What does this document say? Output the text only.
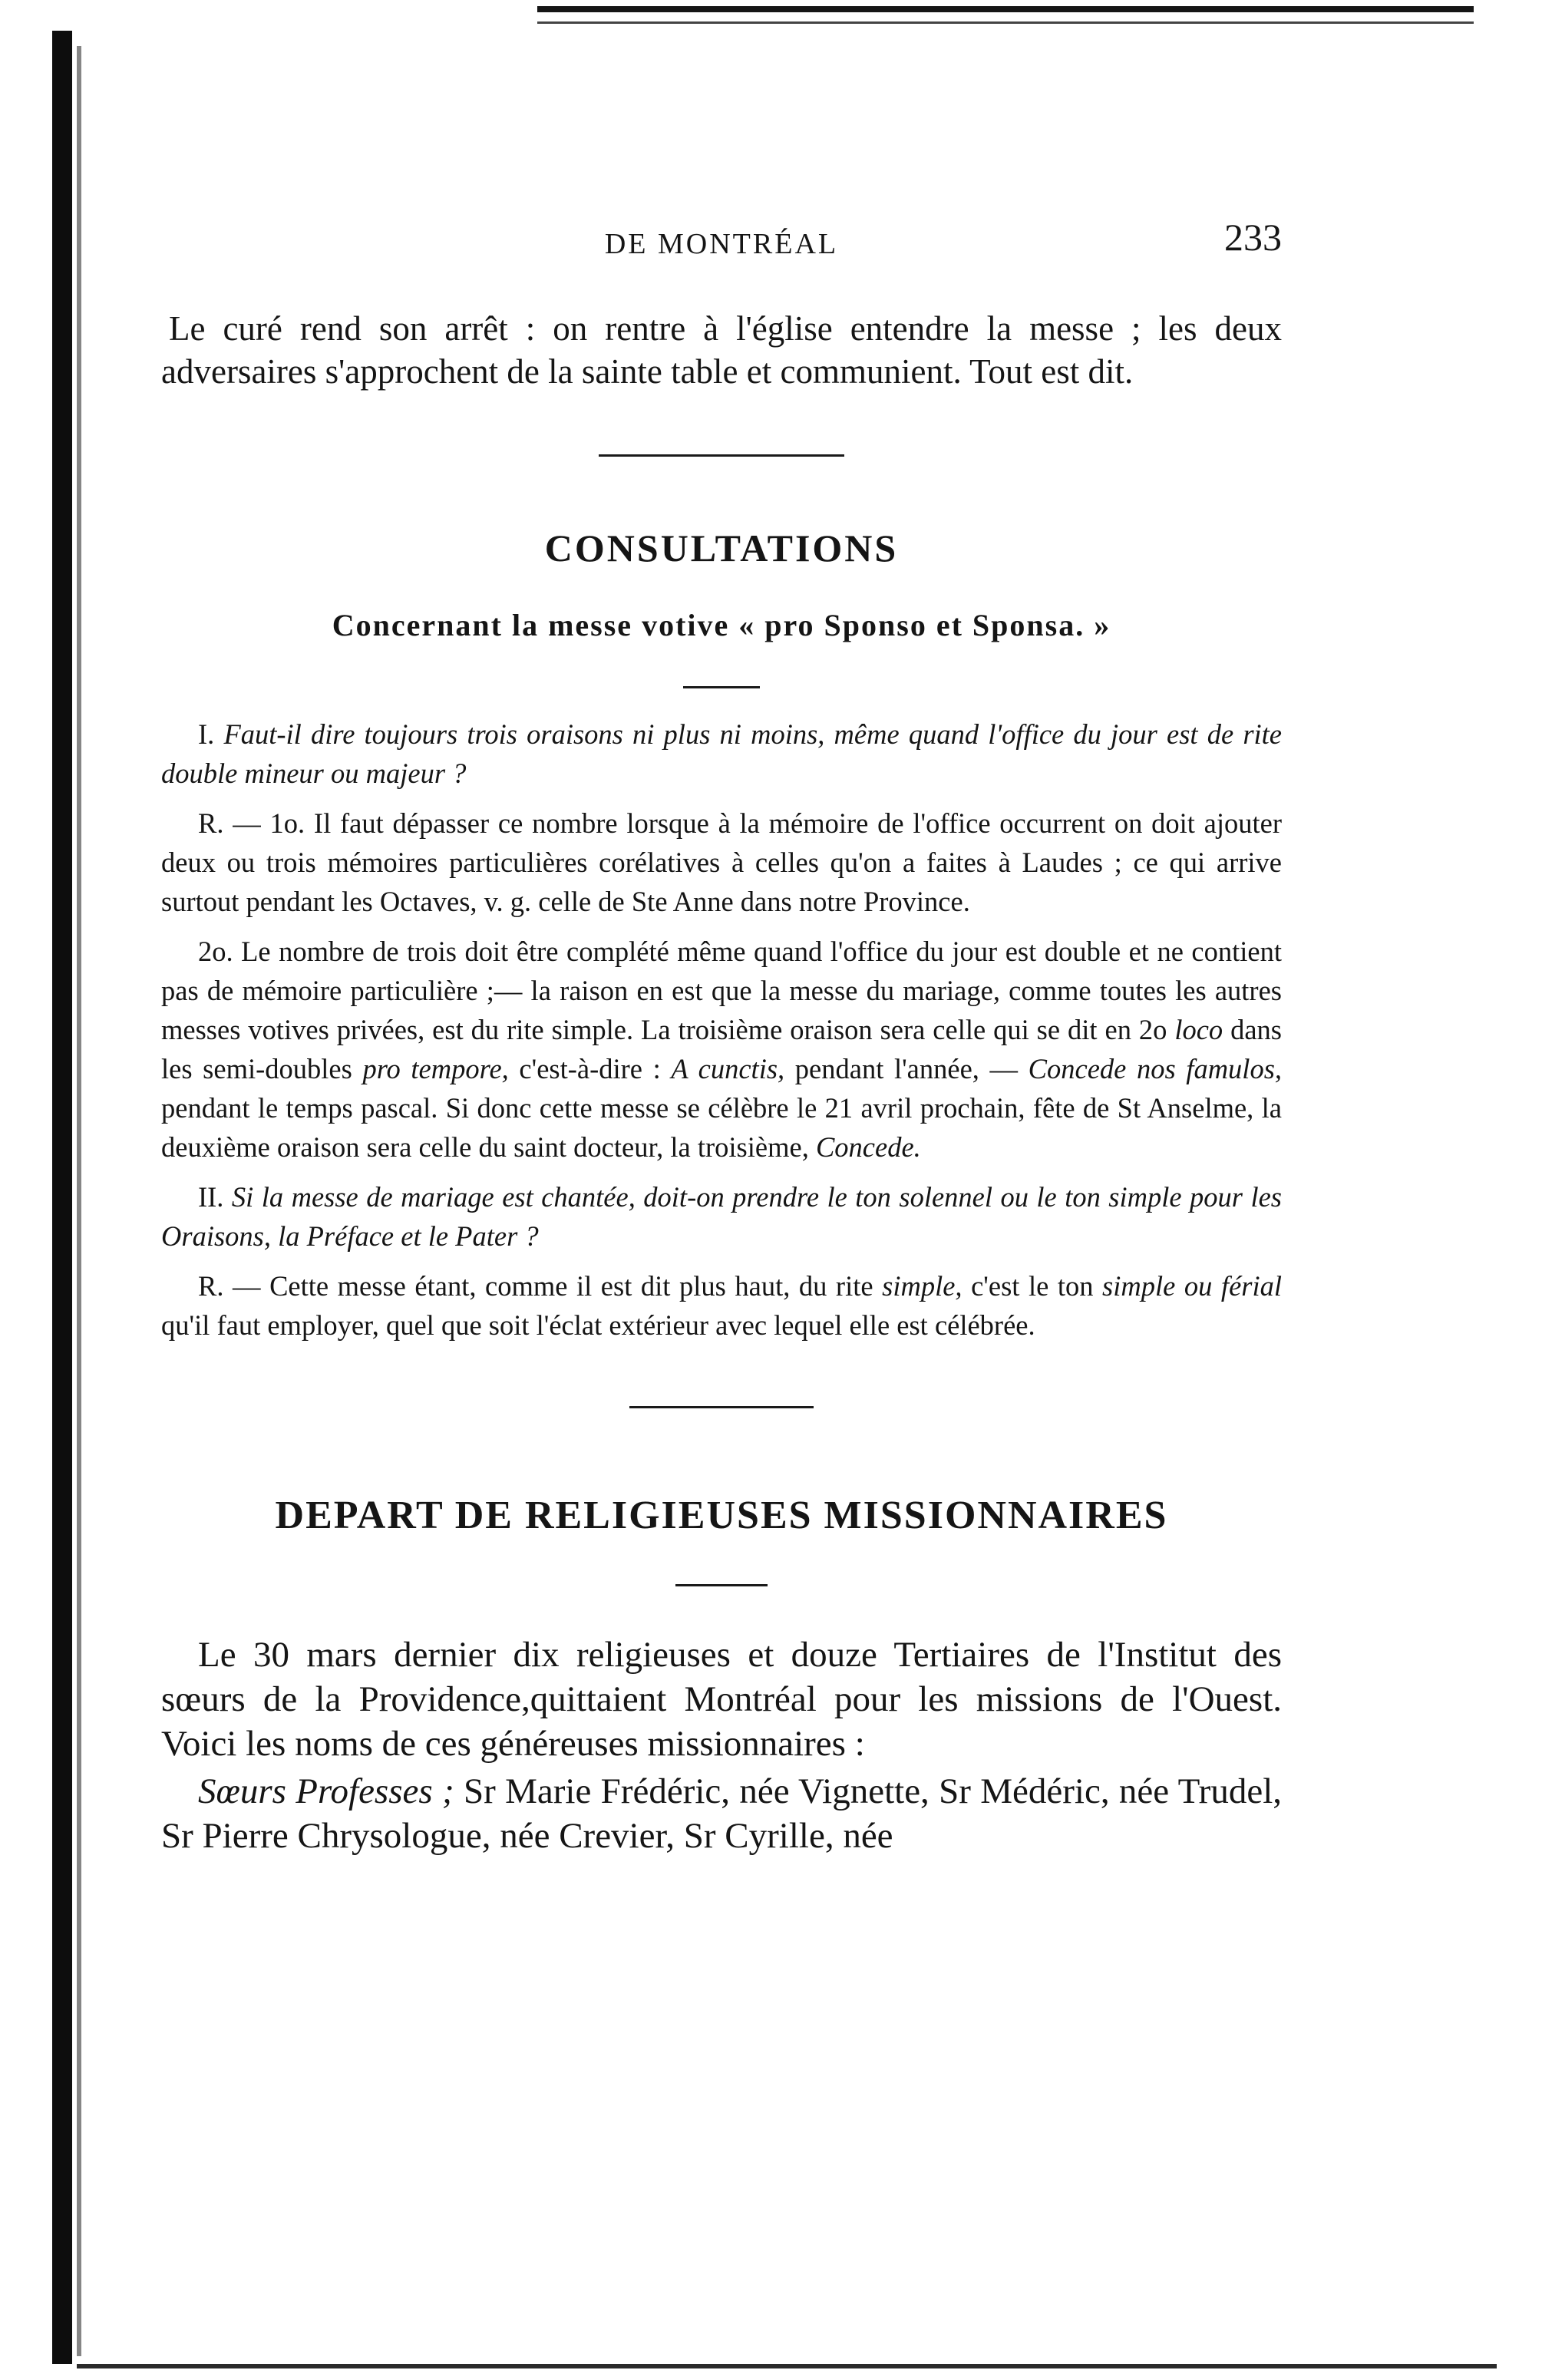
DE MONTRÉAL	233

Le curé rend son arrêt : on rentre à l'église entendre la messe ; les deux adversaires s'approchent de la sainte table et communient. Tout est dit.

CONSULTATIONS
Concernant la messe votive « pro Sponso et Sponsa. »

I. Faut-il dire toujours trois oraisons ni plus ni moins, même quand l'office du jour est de rite double mineur ou majeur ?

R. — 1o. Il faut dépasser ce nombre lorsque à la mémoire de l'office occurrent on doit ajouter deux ou trois mémoires particulières corélatives à celles qu'on a faites à Laudes ; ce qui arrive surtout pendant les Octaves, v. g. celle de Ste Anne dans notre Province.

2o. Le nombre de trois doit être complété même quand l'office du jour est double et ne contient pas de mémoire particulière ;— la raison en est que la messe du mariage, comme toutes les autres messes votives privées, est du rite simple. La troisième oraison sera celle qui se dit en 2o loco dans les semi-doubles pro tempore, c'est-à-dire : A cunctis, pendant l'année, — Concede nos famulos, pendant le temps pascal. Si donc cette messe se célèbre le 21 avril prochain, fête de St Anselme, la deuxième oraison sera celle du saint docteur, la troisième, Concede.

II. Si la messe de mariage est chantée, doit-on prendre le ton solennel ou le ton simple pour les Oraisons, la Préface et le Pater ?

R. — Cette messe étant, comme il est dit plus haut, du rite simple, c'est le ton simple ou férial qu'il faut employer, quel que soit l'éclat extérieur avec lequel elle est célébrée.

DEPART DE RELIGIEUSES MISSIONNAIRES

Le 30 mars dernier dix religieuses et douze Tertiaires de l'Institut des sœurs de la Providence,quittaient Montréal pour les missions de l'Ouest. Voici les noms de ces généreuses missionnaires :

Sœurs Professes ; Sr Marie Frédéric, née Vignette, Sr Médéric, née Trudel, Sr Pierre Chrysologue, née Crevier, Sr Cyrille, née
